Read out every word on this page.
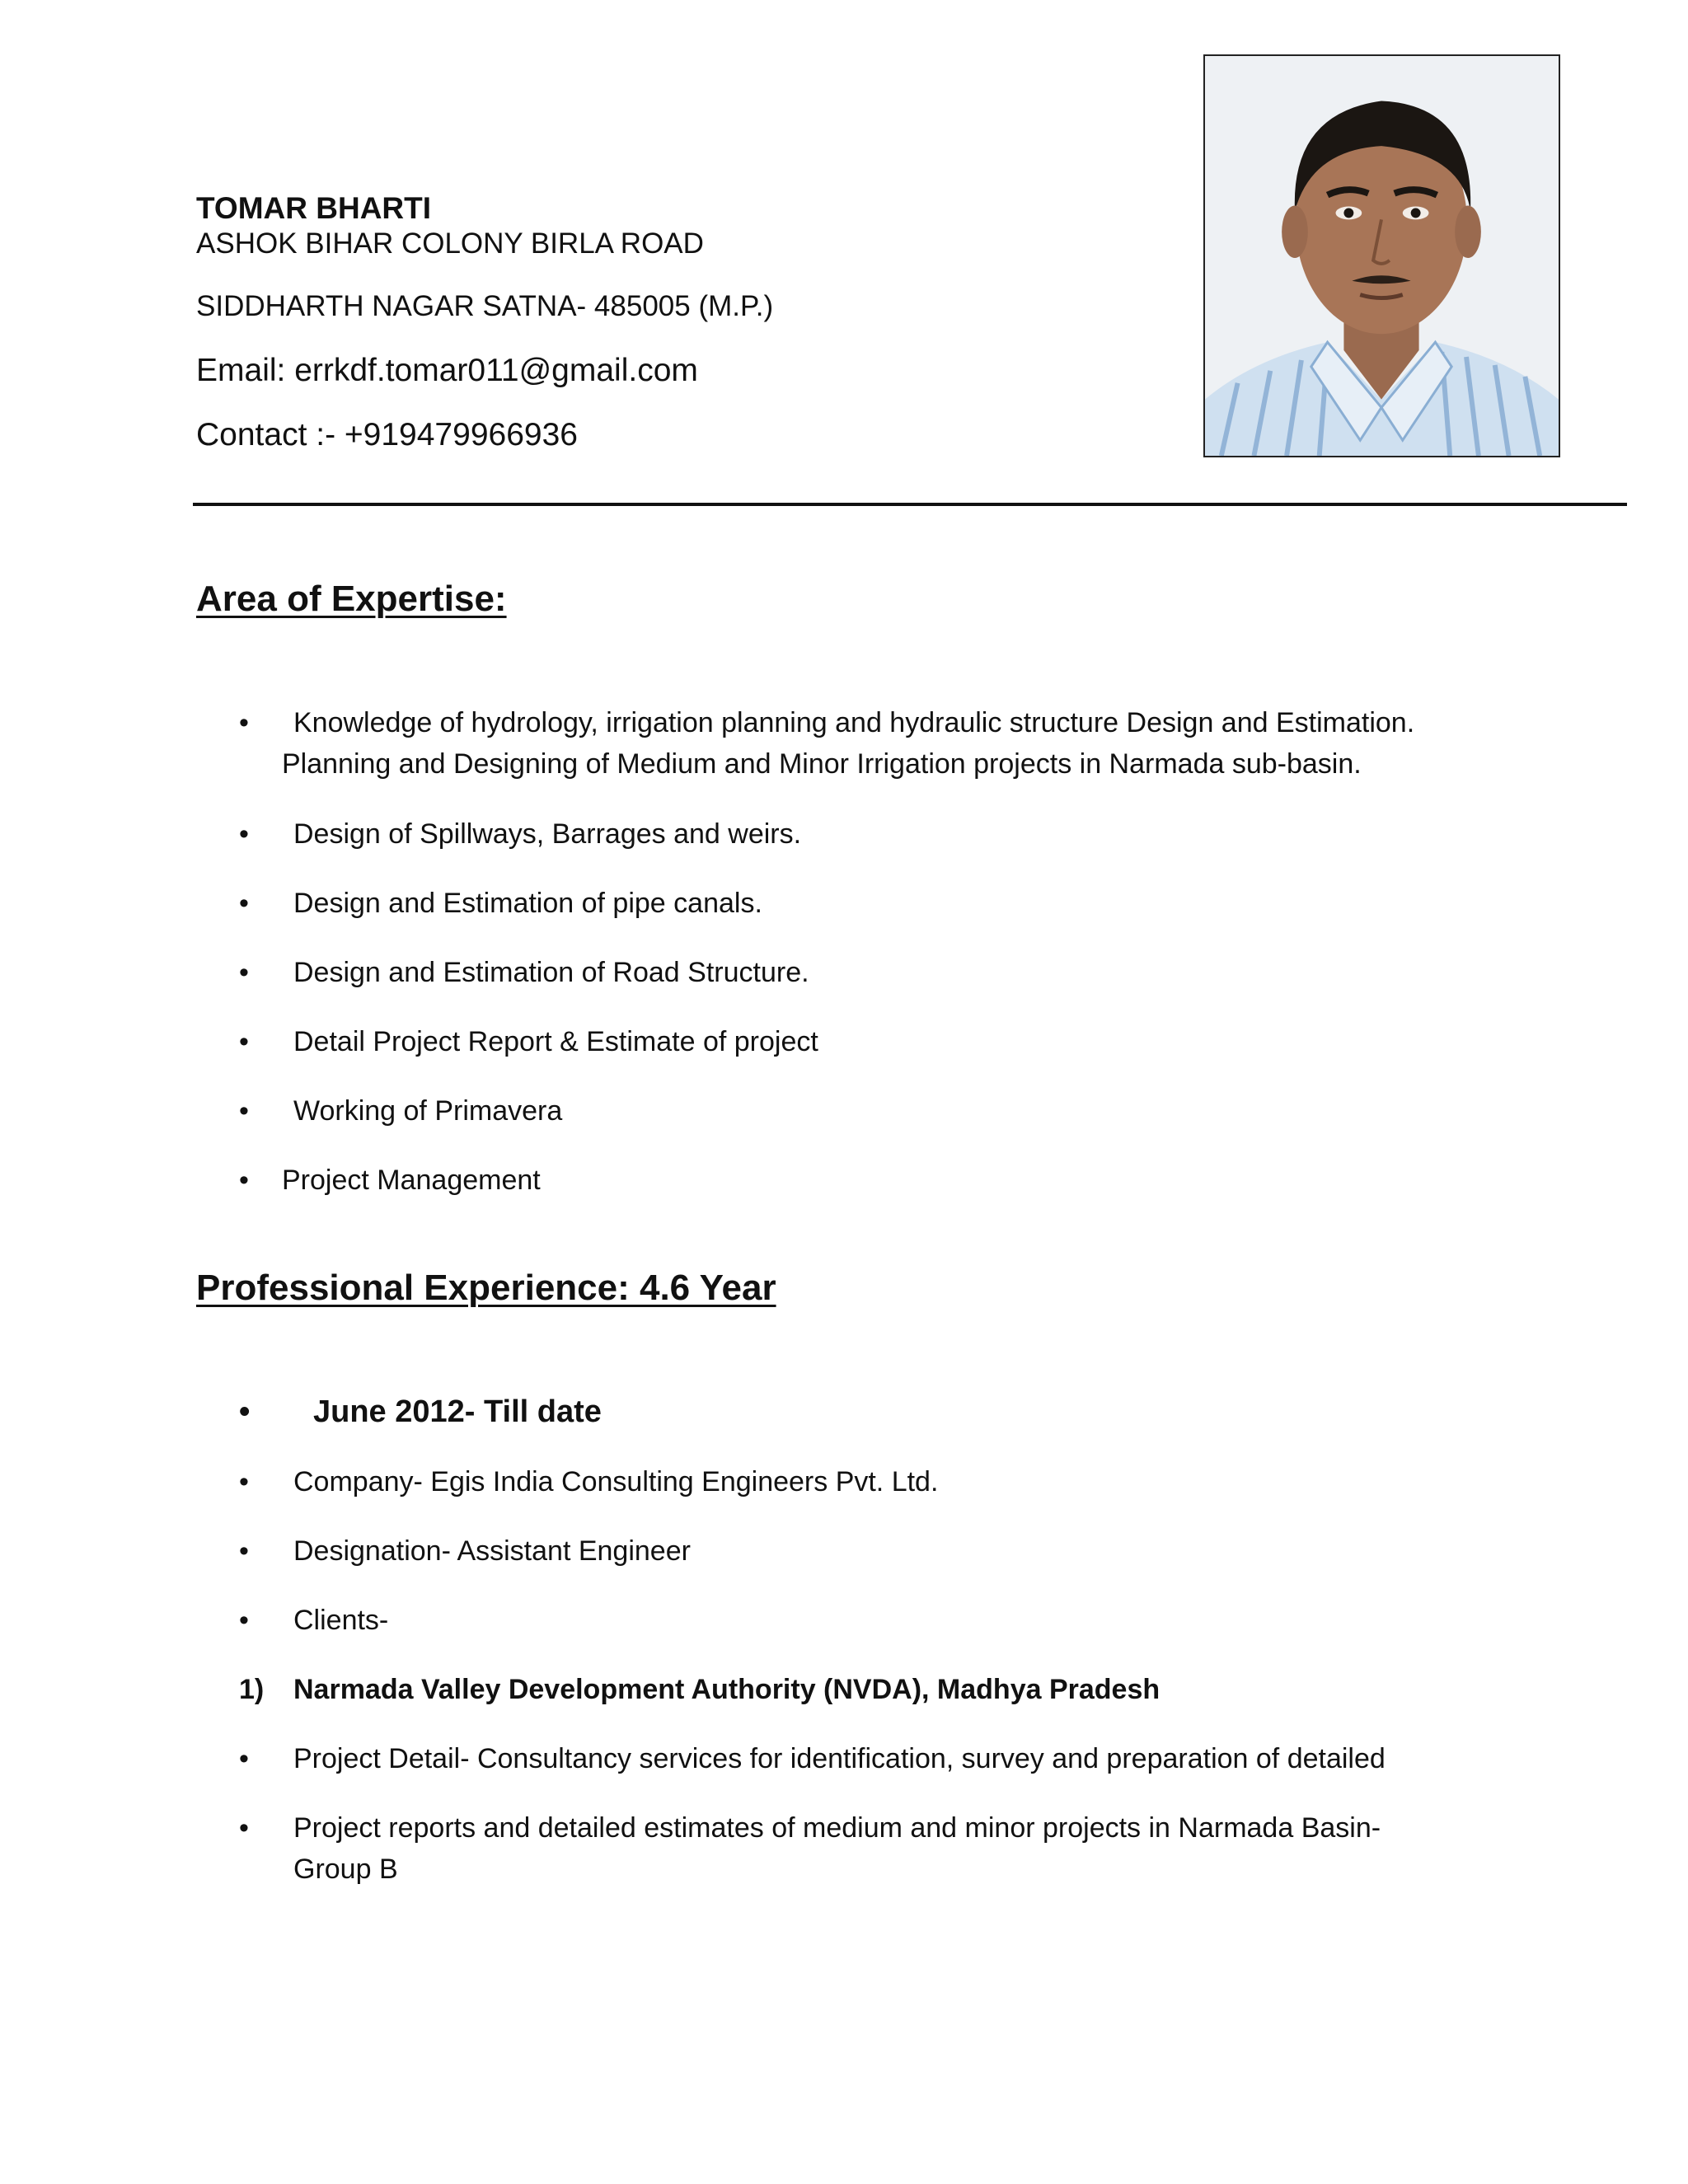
TOMAR BHARTI
ASHOK BIHAR COLONY BIRLA ROAD
SIDDHARTH NAGAR SATNA- 485005 (M.P.)
Email: errkdf.tomar011@gmail.com
Contact :- +919479966936
Area of Expertise:
•	Knowledge of hydrology, irrigation planning and hydraulic structure Design and Estimation.
Planning and Designing of Medium and Minor Irrigation projects in Narmada sub-basin.
•	Design of Spillways, Barrages and weirs.
•	Design and Estimation of pipe canals.
•	Design and Estimation of Road Structure.
•	Detail Project Report & Estimate of project
•	Working of Primavera
•	Project Management
Professional Experience: 4.6 Year
•	June 2012- Till date
•	Company- Egis India Consulting Engineers Pvt. Ltd.
•	Designation- Assistant Engineer
•	Clients-
1)	Narmada Valley Development Authority (NVDA), Madhya Pradesh
•	Project Detail- Consultancy services for identification, survey and preparation of detailed
•	Project reports and detailed estimates of medium and minor projects in Narmada Basin-
Group B
